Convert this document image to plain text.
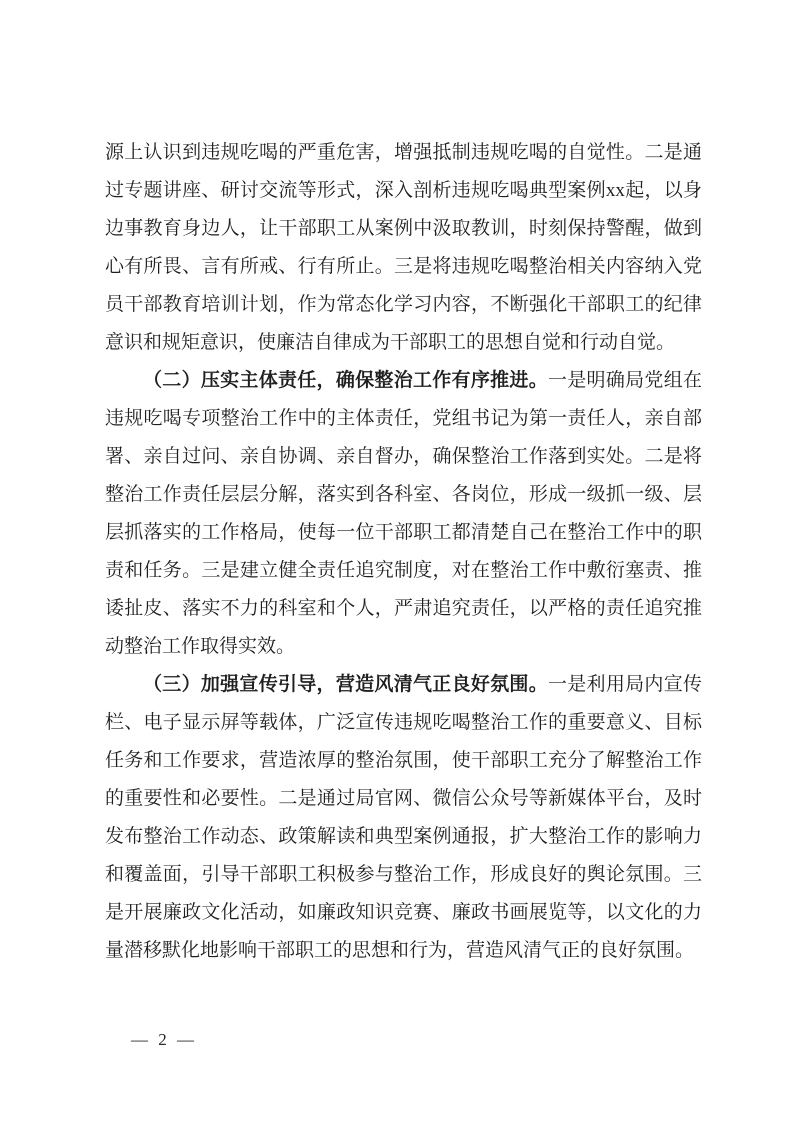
源上认识到违规吃喝的严重危害，增强抵制违规吃喝的自觉性。二是通过专题讲座、研讨交流等形式，深入剖析违规吃喝典型案例xx起，以身边事教育身边人，让干部职工从案例中汲取教训，时刻保持警醒，做到心有所畏、言有所戒、行有所止。三是将违规吃喝整治相关内容纳入党员干部教育培训计划，作为常态化学习内容，不断强化干部职工的纪律意识和规矩意识，使廉洁自律成为干部职工的思想自觉和行动自觉。

（二）压实主体责任，确保整治工作有序推进。一是明确局党组在违规吃喝专项整治工作中的主体责任，党组书记为第一责任人，亲自部署、亲自过问、亲自协调、亲自督办，确保整治工作落到实处。二是将整治工作责任层层分解，落实到各科室、各岗位，形成一级抓一级、层层抓落实的工作格局，使每一位干部职工都清楚自己在整治工作中的职责和任务。三是建立健全责任追究制度，对在整治工作中敷衍塞责、推诿扯皮、落实不力的科室和个人，严肃追究责任，以严格的责任追究推动整治工作取得实效。

（三）加强宣传引导，营造风清气正良好氛围。一是利用局内宣传栏、电子显示屏等载体，广泛宣传违规吃喝整治工作的重要意义、目标任务和工作要求，营造浓厚的整治氛围，使干部职工充分了解整治工作的重要性和必要性。二是通过局官网、微信公众号等新媒体平台，及时发布整治工作动态、政策解读和典型案例通报，扩大整治工作的影响力和覆盖面，引导干部职工积极参与整治工作，形成良好的舆论氛围。三是开展廉政文化活动，如廉政知识竞赛、廉政书画展览等，以文化的力量潜移默化地影响干部职工的思想和行为，营造风清气正的良好氛围。

— 2 —
